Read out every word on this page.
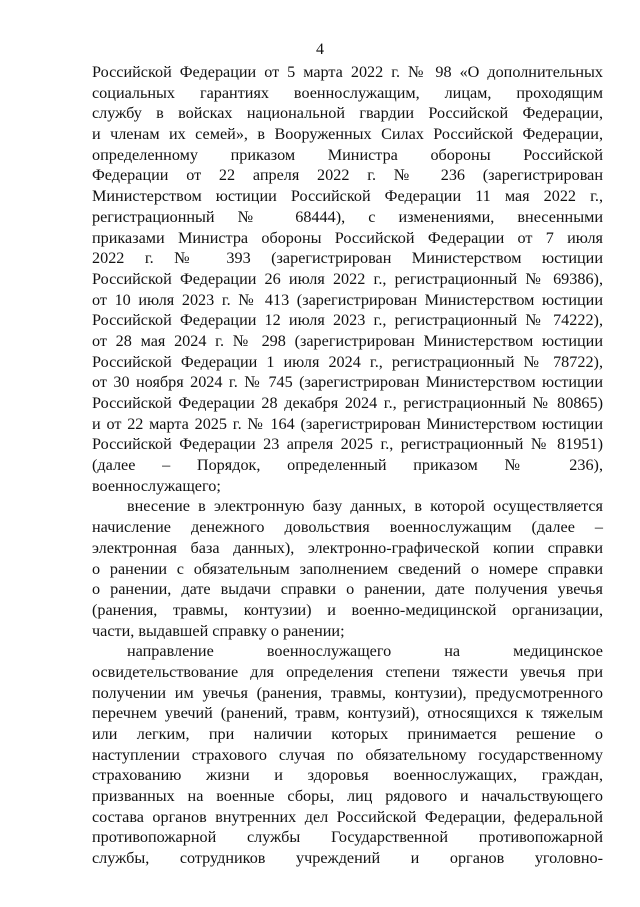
4
Российской Федерации от 5 марта 2022 г. № 98 «О дополнительных
социальных гарантиях военнослужащим, лицам, проходящим
службу в войсках национальной гвардии Российской Федерации,
и членам их семей», в Вооруженных Силах Российской Федерации,
определенному приказом Министра обороны Российской
Федерации от 22 апреля 2022 г. № 236 (зарегистрирован
Министерством юстиции Российской Федерации 11 мая 2022 г.,
регистрационный № 68444), с изменениями, внесенными
приказами Министра обороны Российской Федерации от 7 июля
2022 г. № 393 (зарегистрирован Министерством юстиции
Российской Федерации 26 июля 2022 г., регистрационный № 69386),
от 10 июля 2023 г. № 413 (зарегистрирован Министерством юстиции
Российской Федерации 12 июля 2023 г., регистрационный № 74222),
от 28 мая 2024 г. № 298 (зарегистрирован Министерством юстиции
Российской Федерации 1 июля 2024 г., регистрационный № 78722),
от 30 ноября 2024 г. № 745 (зарегистрирован Министерством юстиции
Российской Федерации 28 декабря 2024 г., регистрационный № 80865)
и от 22 марта 2025 г. № 164 (зарегистрирован Министерством юстиции
Российской Федерации 23 апреля 2025 г., регистрационный № 81951)
(далее – Порядок, определенный приказом № 236),
военнослужащего;
внесение в электронную базу данных, в которой осуществляется
начисление денежного довольствия военнослужащим (далее –
электронная база данных), электронно-графической копии справки
о ранении с обязательным заполнением сведений о номере справки
о ранении, дате выдачи справки о ранении, дате получения увечья
(ранения, травмы, контузии) и военно-медицинской организации,
части, выдавшей справку о ранении;
направление военнослужащего на медицинское
освидетельствование для определения степени тяжести увечья при
получении им увечья (ранения, травмы, контузии), предусмотренного
перечнем увечий (ранений, травм, контузий), относящихся к тяжелым
или легким, при наличии которых принимается решение о
наступлении страхового случая по обязательному государственному
страхованию жизни и здоровья военнослужащих, граждан,
призванных на военные сборы, лиц рядового и начальствующего
состава органов внутренних дел Российской Федерации, федеральной
противопожарной службы Государственной противопожарной
службы, сотрудников учреждений и органов уголовно-
